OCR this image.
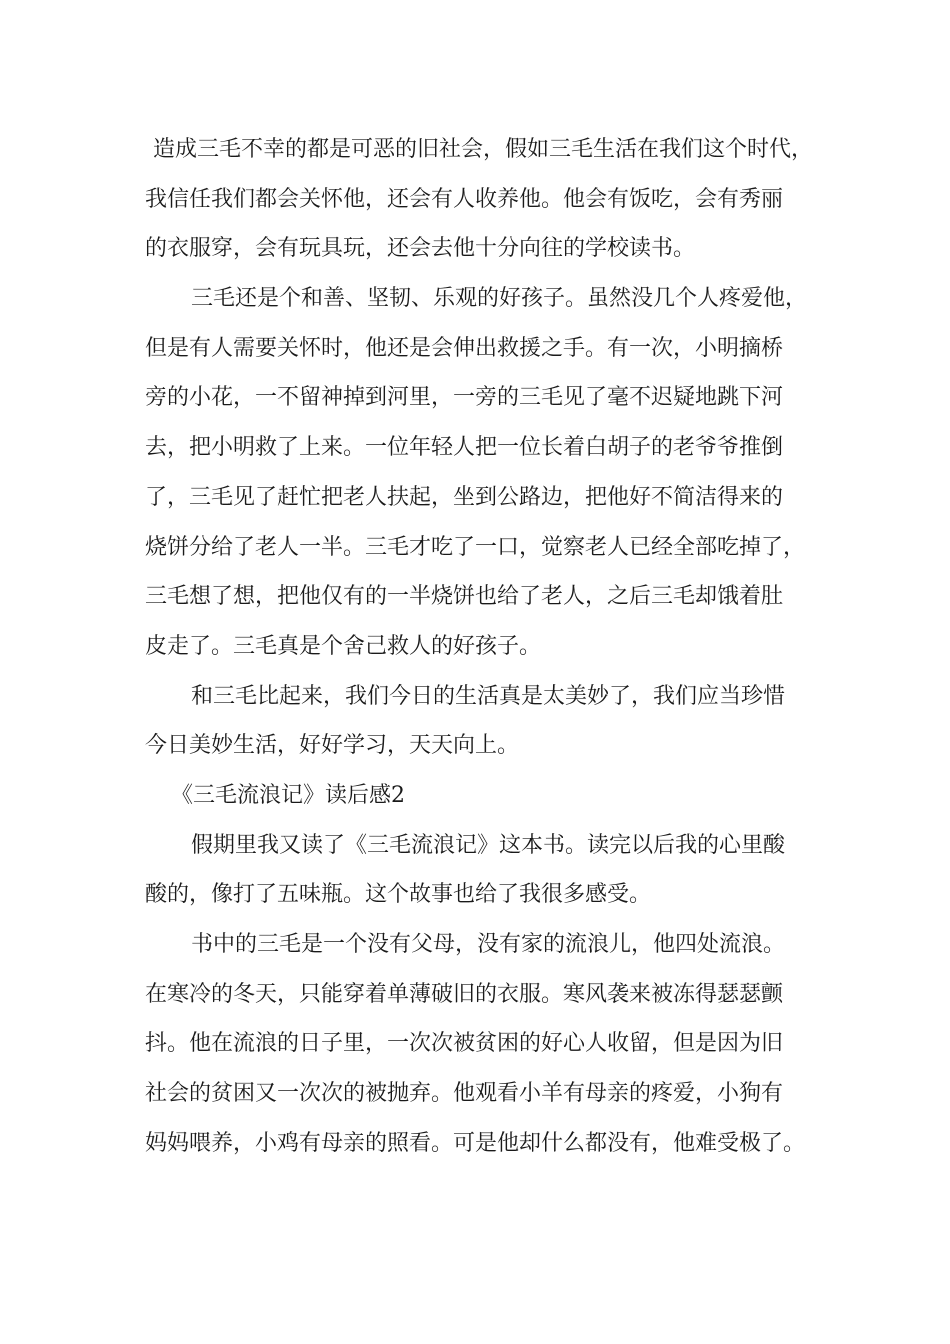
造成三毛不幸的都是可恶的旧社会，假如三毛生活在我们这个时代，
我信任我们都会关怀他，还会有人收养他。他会有饭吃，会有秀丽
的衣服穿，会有玩具玩，还会去他十分向往的学校读书。
三毛还是个和善、坚韧、乐观的好孩子。虽然没几个人疼爱他，
但是有人需要关怀时，他还是会伸出救援之手。有一次，小明摘桥
旁的小花，一不留神掉到河里，一旁的三毛见了毫不迟疑地跳下河
去，把小明救了上来。一位年轻人把一位长着白胡子的老爷爷推倒
了，三毛见了赶忙把老人扶起，坐到公路边，把他好不简洁得来的
烧饼分给了老人一半。三毛才吃了一口，觉察老人已经全部吃掉了，
三毛想了想，把他仅有的一半烧饼也给了老人，之后三毛却饿着肚
皮走了。三毛真是个舍己救人的好孩子。
和三毛比起来，我们今日的生活真是太美妙了，我们应当珍惜
今日美妙生活，好好学习，天天向上。
《三毛流浪记》读后感2
假期里我又读了《三毛流浪记》这本书。读完以后我的心里酸
酸的，像打了五味瓶。这个故事也给了我很多感受。
书中的三毛是一个没有父母，没有家的流浪儿，他四处流浪。
在寒冷的冬天，只能穿着单薄破旧的衣服。寒风袭来被冻得瑟瑟颤
抖。他在流浪的日子里，一次次被贫困的好心人收留，但是因为旧
社会的贫困又一次次的被抛弃。他观看小羊有母亲的疼爱，小狗有
妈妈喂养，小鸡有母亲的照看。可是他却什么都没有，他难受极了。
